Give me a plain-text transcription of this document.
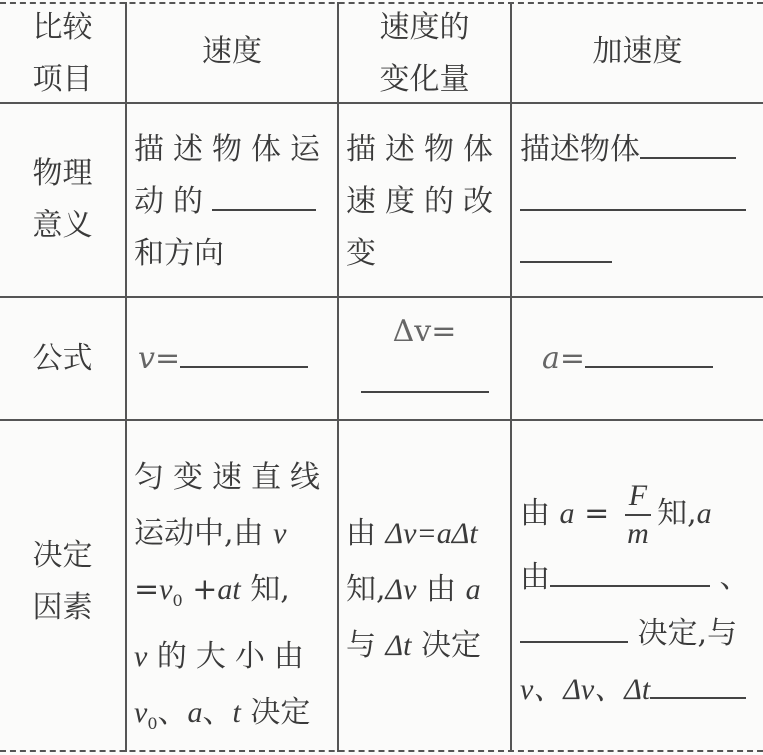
比较
项目
速度
速度的
变化量
加速度
物理
意义
描述物体运
动的
和方向
描述物体
速度的改
变
描述物体
公式	v=
Δv=
a=
决定
因素
匀变速直线
运动中,由 v
$=v_0 +at$ 知,
v 的大小由
$v_0$、a、t 决定
由 Δv=aΔt
知,Δv 由 a
与 Δt 决定
由 $a = \frac{F}{m}$ 知,a
由	、
决定,与
v、Δv、Δt
